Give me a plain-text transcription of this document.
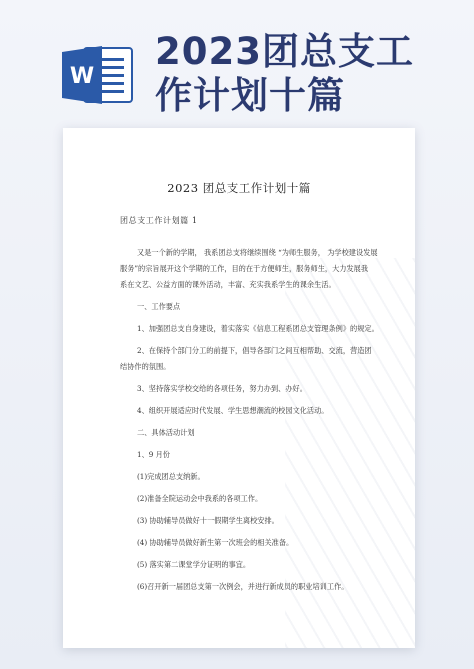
W
2023团总支工
作计划十篇
2023 团总支工作计划十篇
团总支工作计划篇 1
又是一个新的学期， 我系团总支将继续围绕 “为师生服务， 为学校建设发展
服务”的宗旨展开这个学期的工作，目的在于方便师生，服务师生，大力发展我
系在文艺、公益方面的课外活动，丰富、充实我系学生的课余生活。
一、工作要点
1、加强团总支自身建设，着实落实《信息工程系团总支管理条例》的规定。
2、在保持个部门分工的前提下，倡导各部门之间互相帮助、交流，营造团
结协作的氛围。
3、坚持落实学校交给的各项任务，努力办到、办好。
4、组织开展适应时代发展、学生思想潮流的校园文化活动。
二、具体活动计划
1、9 月份
(1)完成团总支纳新。
(2)准备全院运动会中我系的各项工作。
(3) 协助辅导员做好十一假期学生离校安排。
(4) 协助辅导员做好新生第一次班会的相关准备。
(5) 落实第二课堂学分证明的事宜。
(6)召开新一届团总支第一次例会，并进行新成员的职业培训工作。
